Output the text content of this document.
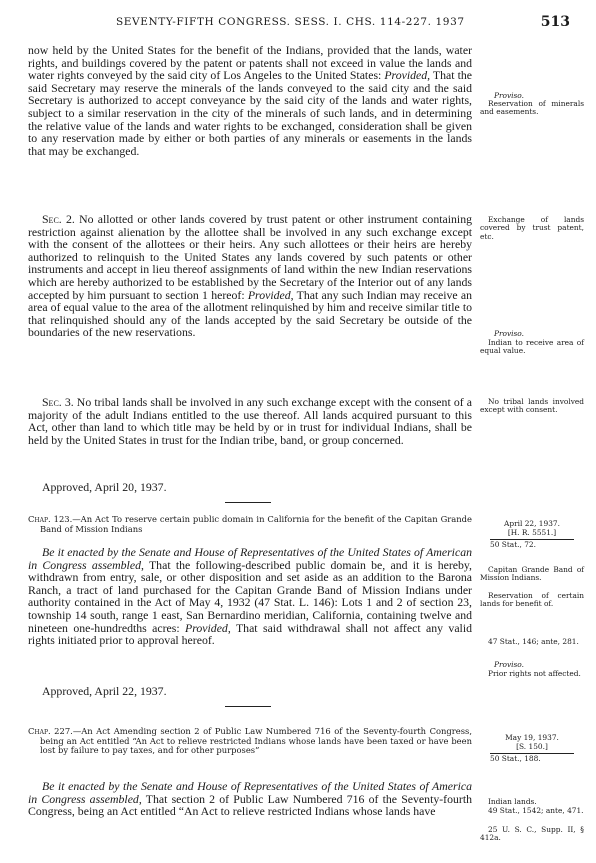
SEVENTY-FIFTH CONGRESS. SESS. I. CHS. 114-227. 1937	513

now held by the United States for the benefit of the Indians, provided that the lands, water rights, and buildings covered by the patent or patents shall not exceed in value the lands and water rights conveyed by the said city of Los Angeles to the United States: Provided, That the said Secretary may reserve the minerals of the lands conveyed to the said city and the said Secretary is authorized to accept conveyance by the said city of the lands and water rights, subject to a similar reservation in the city of the minerals of such lands, and in determining the relative value of the lands and water rights to be exchanged, consideration shall be given to any reservation made by either or both parties of any minerals or easements in the lands that may be exchanged.

Sec. 2. No allotted or other lands covered by trust patent or other instrument containing restriction against alienation by the allottee shall be involved in any such exchange except with the consent of the allottees or their heirs. Any such allottees or their heirs are hereby authorized to relinquish to the United States any lands covered by such patents or other instruments and accept in lieu thereof assignments of land within the new Indian reservations which are hereby authorized to be established by the Secretary of the Interior out of any lands accepted by him pursuant to section 1 hereof: Provided, That any such Indian may receive an area of equal value to the area of the allotment relinquished by him and receive similar title to that relinquished should any of the lands accepted by the said Secretary be outside of the boundaries of the new reservations.

Sec. 3. No tribal lands shall be involved in any such exchange except with the consent of a majority of the adult Indians entitled to the use thereof. All lands acquired pursuant to this Act, other than land to which title may be held by or in trust for individual Indians, shall be held by the United States in trust for the Indian tribe, band, or group concerned.

Approved, April 20, 1937.

Chap. 123.—An Act To reserve certain public domain in California for the benefit of the Capitan Grande Band of Mission Indians

Be it enacted by the Senate and House of Representatives of the United States of American in Congress assembled, That the following-described public domain be, and it is hereby, withdrawn from entry, sale, or other disposition and set aside as an addition to the Barona Ranch, a tract of land purchased for the Capitan Grande Band of Mission Indians under authority contained in the Act of May 4, 1932 (47 Stat. L. 146): Lots 1 and 2 of section 23, township 14 south, range 1 east, San Bernardino meridian, California, containing twelve and nineteen one-hundredths acres: Provided, That said withdrawal shall not affect any valid rights initiated prior to approval hereof.

Approved, April 22, 1937.

Chap. 227.—An Act Amending section 2 of Public Law Numbered 716 of the Seventy-fourth Congress, being an Act entitled “An Act to relieve restricted Indians whose lands have been taxed or have been lost by failure to pay taxes, and for other purposes”

Be it enacted by the Senate and House of Representatives of the United States of America in Congress assembled, That section 2 of Public Law Numbered 716 of the Seventy-fourth Congress, being an Act entitled “An Act to relieve restricted Indians whose lands have

Proviso.
Reservation of minerals and easements.
Exchange of lands covered by trust patent, etc.
Proviso.
Indian to receive area of equal value.
No tribal lands involved except with consent.
April 22, 1937.
[H. R. 5551.]
50 Stat., 72.
Capitan Grande Band of Mission Indians.
Reservation of certain lands for benefit of.
47 Stat., 146; ante, 281.
Proviso.
Prior rights not affected.
May 19, 1937.
[S. 150.]
50 Stat., 188.
Indian lands.
49 Stat., 1542; ante, 471.
25 U. S. C., Supp. II, § 412a.
